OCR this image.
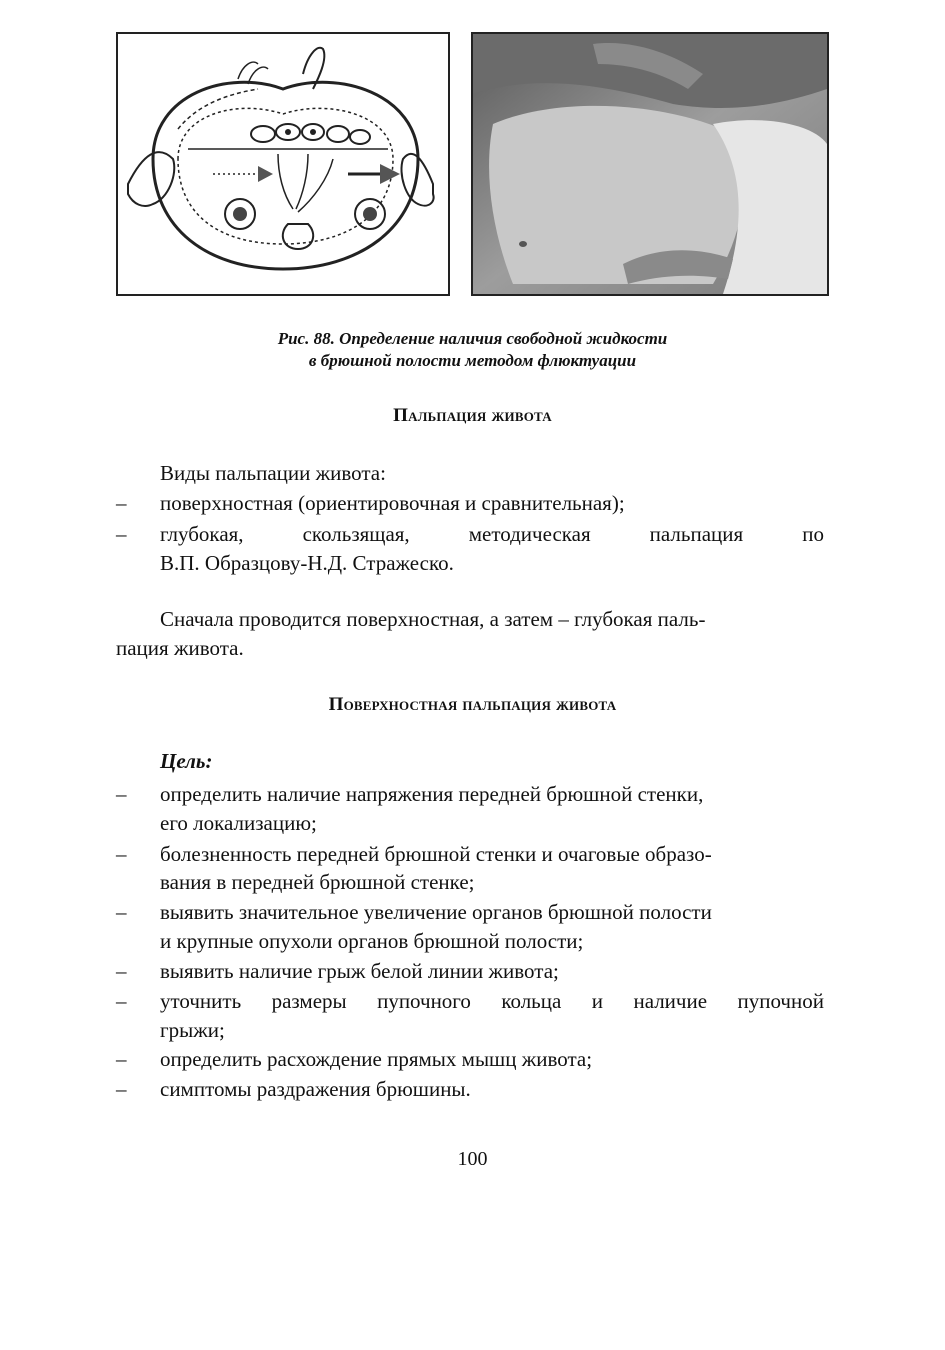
Рис. 88. Определение наличия свободной жидкости
в брюшной полости методом флюктуации
Пальпация живота
Виды пальпации живота:
– поверхностная (ориентировочная и сравнительная);
– глубокая,	скользящая,	методическая	пальпация	по
В.П. Образцову-Н.Д. Стражеско.
Сначала проводится поверхностная, а затем – глубокая паль-
пация живота.
Поверхностная пальпация живота
Цель:
– определить наличие напряжения передней брюшной стенки,
его локализацию;
– болезненность передней брюшной стенки и очаговые образо-
вания в передней брюшной стенке;
– выявить значительное увеличение органов брюшной полости
и крупные опухоли органов брюшной полости;
– выявить наличие грыж белой линии живота;
– уточнить размеры пупочного кольца и наличие пупочной
грыжи;
– определить расхождение прямых мышц живота;
– симптомы раздражения брюшины.
100
